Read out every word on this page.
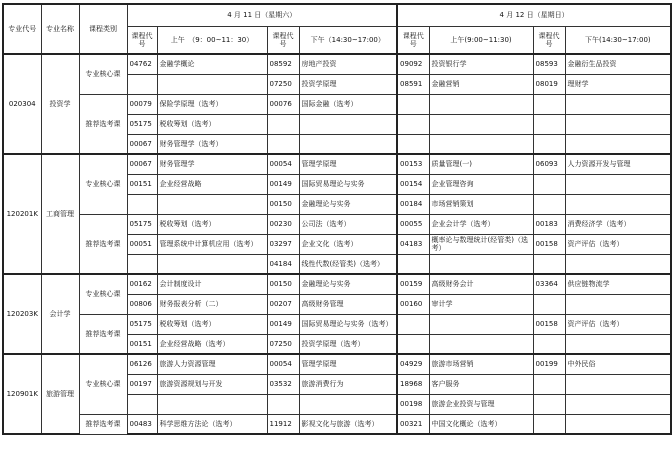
专业代号	专业名称	课程类别	4 月 11 日（星期六）				4 月 12 日（星期日）			
			课程代号	上午　（9：00~11：30）	课程代号	下午（14:30~17:00）	课程代号	上午(9:00~11:30)	课程代号	下午(14:30~17:00)
020304	投资学	专业核心课	04762	金融学概论	08592	房地产投资	09092	投资银行学	08593	金融衍生品投资
					07250	投资学原理	08591	金融营销	08019	理财学
		推荐选考课	00079	保险学原理（选考）	00076	国际金融（选考）				
			05175	税收筹划（选考）						
			00067	财务管理学（选考）						
120201K	工商管理	专业核心课	00067	财务管理学	00054	管理学原理	00153	质量管理(一)	06093	人力资源开发与管理
			00151	企业经营战略	00149	国际贸易理论与实务	00154	企业管理咨询		
					00150	金融理论与实务	00184	市场营销策划		
		推荐选考课	05175	税收筹划（选考）	00230	公司法（选考）	00055	企业会计学（选考）	00183	消费经济学（选考）
			00051	管理系统中计算机应用（选考）	03297	企业文化（选考）	04183	概率论与数理统计(经管类)（选考）	00158	资产评估（选考）
					04184	线性代数(经管类)（选考）				
120203K	会计学	专业核心课	00162	会计制度设计	00150	金融理论与实务	00159	高级财务会计	03364	供应链物流学
			00806	财务报表分析（二）	00207	高级财务管理	00160	审计学		
		推荐选考课	05175	税收筹划（选考）	00149	国际贸易理论与实务（选考）			00158	资产评估（选考）
			00151	企业经营战略（选考）	07250	投资学原理（选考）				
120901K	旅游管理	专业核心课	06126	旅游人力资源管理	00054	管理学原理	04929	旅游市场营销	00199	中外民俗
			00197	旅游资源规划与开发	03532	旅游消费行为	18968	客户服务		
							00198	旅游企业投资与管理		
		推荐选考课	00483	科学思维方法论（选考）	11912	影视文化与旅游（选考）	00321	中国文化概论（选考）		
